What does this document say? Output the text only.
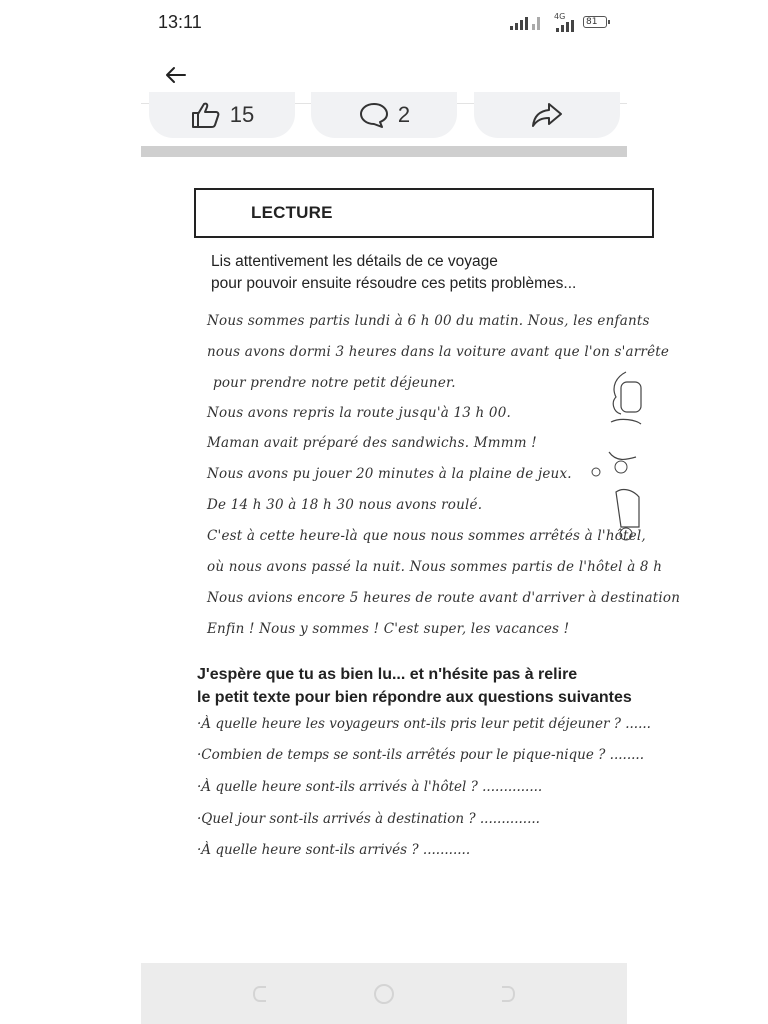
13:11	4G
81
15	2
LECTURE
Lis attentivement les détails de ce voyage
pour pouvoir ensuite résoudre ces petits problèmes...
Nous sommes partis lundi à 6 h 00 du matin. Nous, les enfants
nous avons dormi 3 heures dans la voiture avant que l'on s'arrête
pour prendre notre petit déjeuner.
Nous avons repris la route jusqu'à 13 h 00.
Maman avait préparé des sandwichs. Mmmm !
Nous avons pu jouer 20 minutes à la plaine de jeux.
De 14 h 30 à 18 h 30 nous avons roulé.
C'est à cette heure-là que nous nous sommes arrêtés à l'hôtel,
où nous avons passé la nuit. Nous sommes partis de l'hôtel à 8 h
Nous avions encore 5 heures de route avant d'arriver à destination
Enfin ! Nous y sommes ! C'est super, les vacances !
J'espère que tu as bien lu... et n'hésite pas à relire
le petit texte pour bien répondre aux questions suivantes
·À quelle heure les voyageurs ont-ils pris leur petit déjeuner ? ......
·Combien de temps se sont-ils arrêtés pour le pique-nique ? ........
·À quelle heure sont-ils arrivés à l'hôtel ? ..............
·Quel jour sont-ils arrivés à destination ? ..............
·À quelle heure sont-ils arrivés ? ...........
